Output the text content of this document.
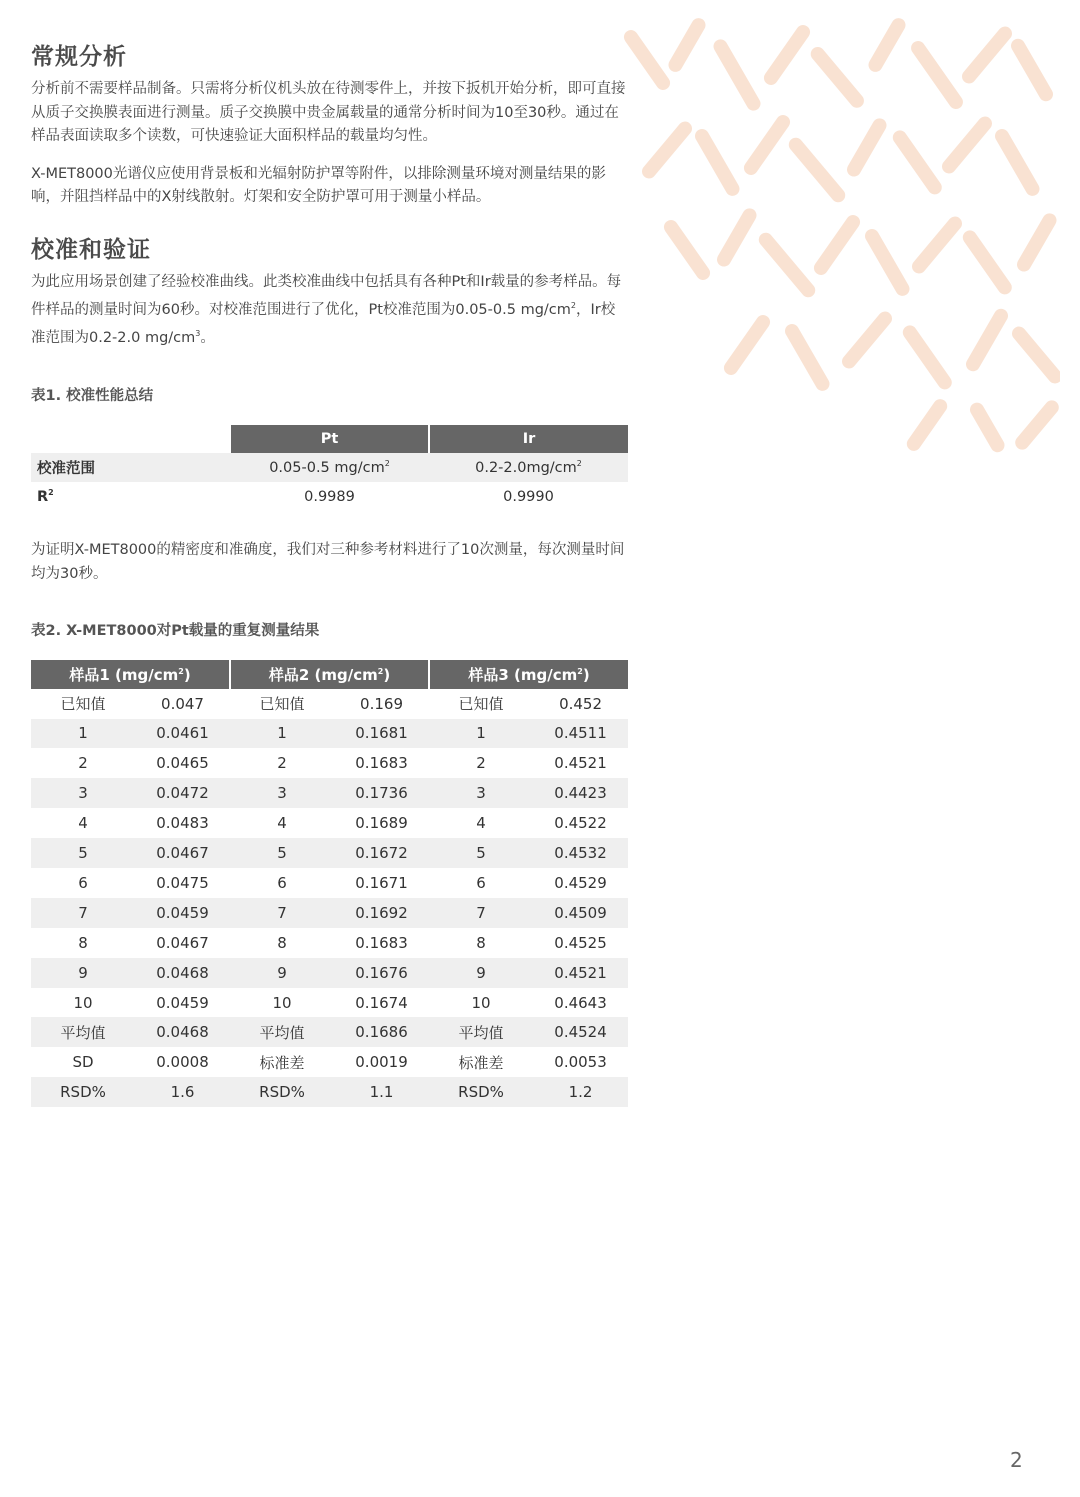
常规分析

分析前不需要样品制备。只需将分析仪机头放在待测零件上，并按下扳机开始分析，即可直接从质子交换膜表面进行测量。质子交换膜中贵金属载量的通常分析时间为10至30秒。通过在样品表面读取多个读数，可快速验证大面积样品的载量均匀性。

X-MET8000光谱仪应使用背景板和光辐射防护罩等附件，以排除测量环境对测量结果的影响，并阻挡样品中的X射线散射。灯架和安全防护罩可用于测量小样品。

校准和验证

为此应用场景创建了经验校准曲线。此类校准曲线中包括具有各种Pt和Ir载量的参考样品。每件样品的测量时间为60秒。对校准范围进行了优化，Pt校准范围为0.05-0.5 $mg/cm^2$，Ir校准范围为0.2-2.0 $mg/cm^3$。

表1. 校准性能总结

	Pt	Ir
校准范围	0.05-0.5 $mg/cm^2$	$0.2-2.0mg/cm^2$
$R^2$	0.9989	0.9990

为证明X-MET8000的精密度和准确度，我们对三种参考材料进行了10次测量，每次测量时间均为30秒。

表2. X-MET8000对Pt载量的重复测量结果

样品1 $(mg/cm^2)$		样品2 $(mg/cm^2)$		样品3 $(mg/cm^2)$	
已知值	0.047	已知值	0.169	已知值	0.452
1	0.0461	1	0.1681	1	0.4511
2	0.0465	2	0.1683	2	0.4521
3	0.0472	3	0.1736	3	0.4423
4	0.0483	4	0.1689	4	0.4522
5	0.0467	5	0.1672	5	0.4532
6	0.0475	6	0.1671	6	0.4529
7	0.0459	7	0.1692	7	0.4509
8	0.0467	8	0.1683	8	0.4525
9	0.0468	9	0.1676	9	0.4521
10	0.0459	10	0.1674	10	0.4643
平均值	0.0468	平均值	0.1686	平均值	0.4524
SD	0.0008	标准差	0.0019	标准差	0.0053
RSD%	1.6	RSD%	1.1	RSD%	1.2
2
